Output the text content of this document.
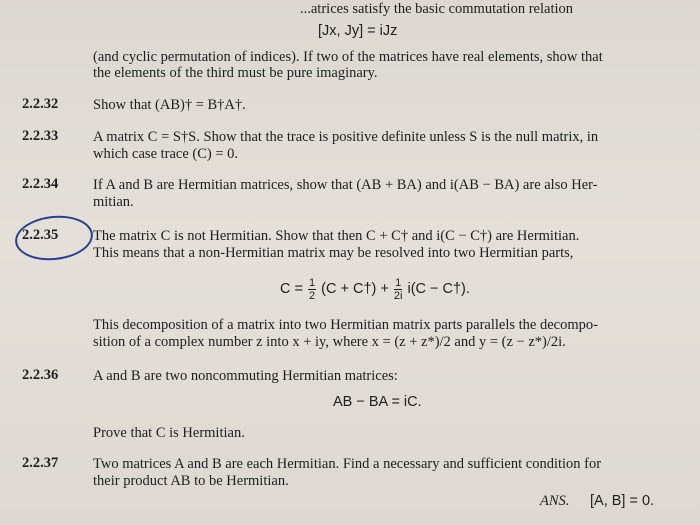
...atrices satisfy the basic commutation relation
[Jx, Jy] = iJz
(and cyclic permutation of indices). If two of the matrices have real elements, show that
the elements of the third must be pure imaginary.
2.2.32 Show that (AB)† = B†A†.
2.2.33 A matrix C = S†S. Show that the trace is positive definite unless S is the null matrix, in
which case trace (C) = 0.
2.2.34 If A and B are Hermitian matrices, show that (AB + BA) and i(AB − BA) are also Her-
mitian.
2.2.35 The matrix C is not Hermitian. Show that then C + C† and i(C − C†) are Hermitian.
This means that a non-Hermitian matrix may be resolved into two Hermitian parts,
$C = \frac{1}{2} (C$ + C†) + $\frac{1}{2i} i(C$ − C†).
This decomposition of a matrix into two Hermitian matrix parts parallels the decompo-
sition of a complex number z into x + iy, where x = (z + z*)/2 and y = (z − z*)/2i.
2.2.36 A and B are two noncommuting Hermitian matrices:
AB − BA = iC.
Prove that C is Hermitian.
2.2.37 Two matrices A and B are each Hermitian. Find a necessary and sufficient condition for
their product AB to be Hermitian.
ANS. [A, B] = 0.
